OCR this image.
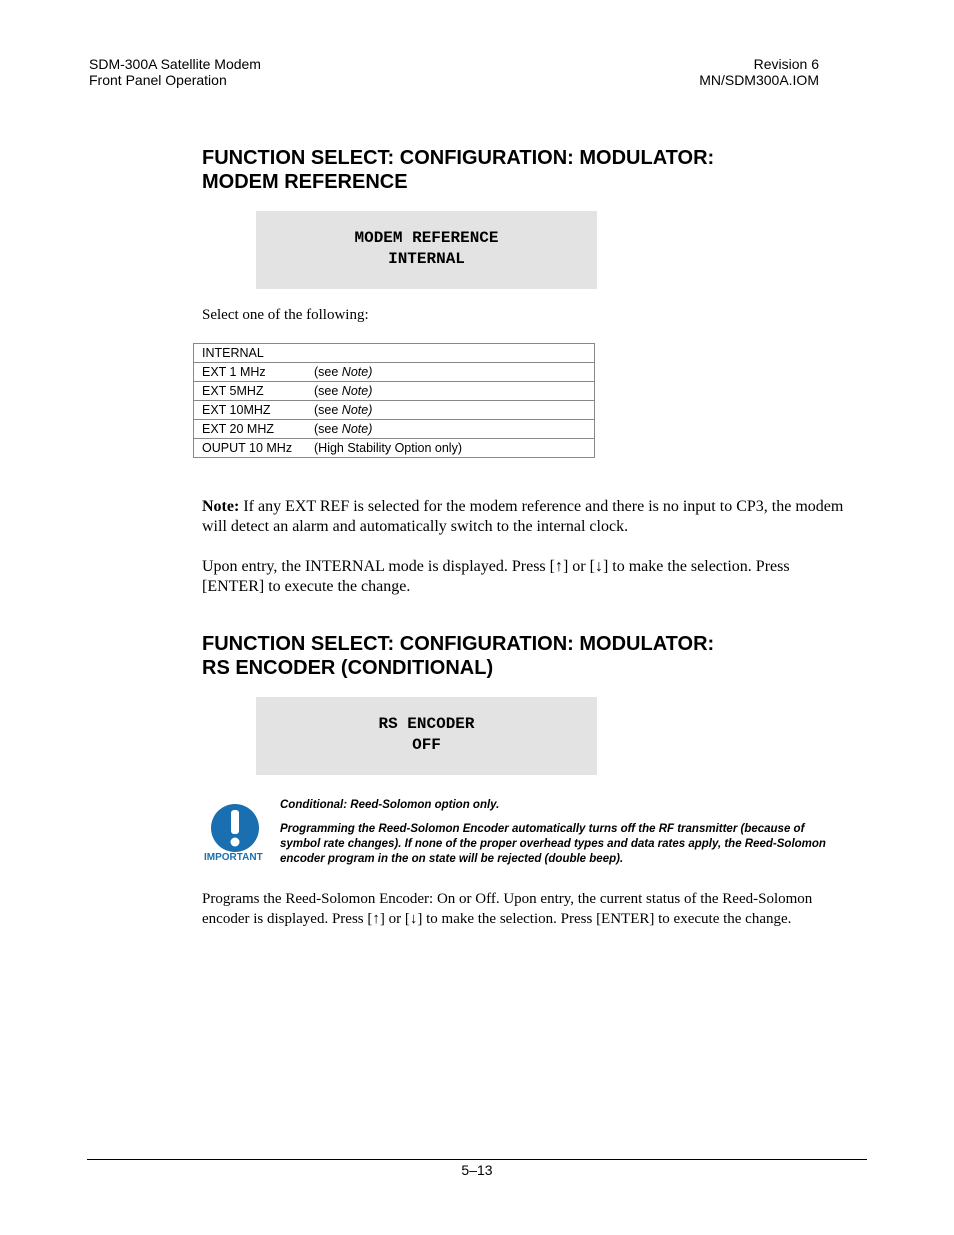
SDM-300A Satellite Modem
Front Panel Operation
Revision 6
MN/SDM300A.IOM
FUNCTION SELECT: CONFIGURATION: MODULATOR:
MODEM REFERENCE
MODEM REFERENCE
INTERNAL
Select one of the following:
INTERNAL	
EXT 1 MHz	(see Note)
EXT 5MHZ	(see Note)
EXT 10MHZ	(see Note)
EXT 20 MHZ	(see Note)
OUPUT 10 MHz	(High Stability Option only)
Note: If any EXT REF is selected for the modem reference and there is no input to CP3, the modem will detect an alarm and automatically switch to the internal clock.
Upon entry, the INTERNAL mode is displayed. Press [↑] or [↓] to make the selection. Press [ENTER] to execute the change.
FUNCTION SELECT: CONFIGURATION: MODULATOR:
RS ENCODER (CONDITIONAL)
RS ENCODER
OFF
IMPORTANT
Conditional: Reed-Solomon option only.
Programming the Reed-Solomon Encoder automatically turns off the RF transmitter (because of symbol rate changes). If none of the proper overhead types and data rates apply, the Reed-Solomon encoder program in the on state will be rejected (double beep).
Programs the Reed-Solomon Encoder: On or Off. Upon entry, the current status of the Reed-Solomon encoder is displayed. Press [↑] or [↓] to make the selection. Press [ENTER] to execute the change.
5–13
